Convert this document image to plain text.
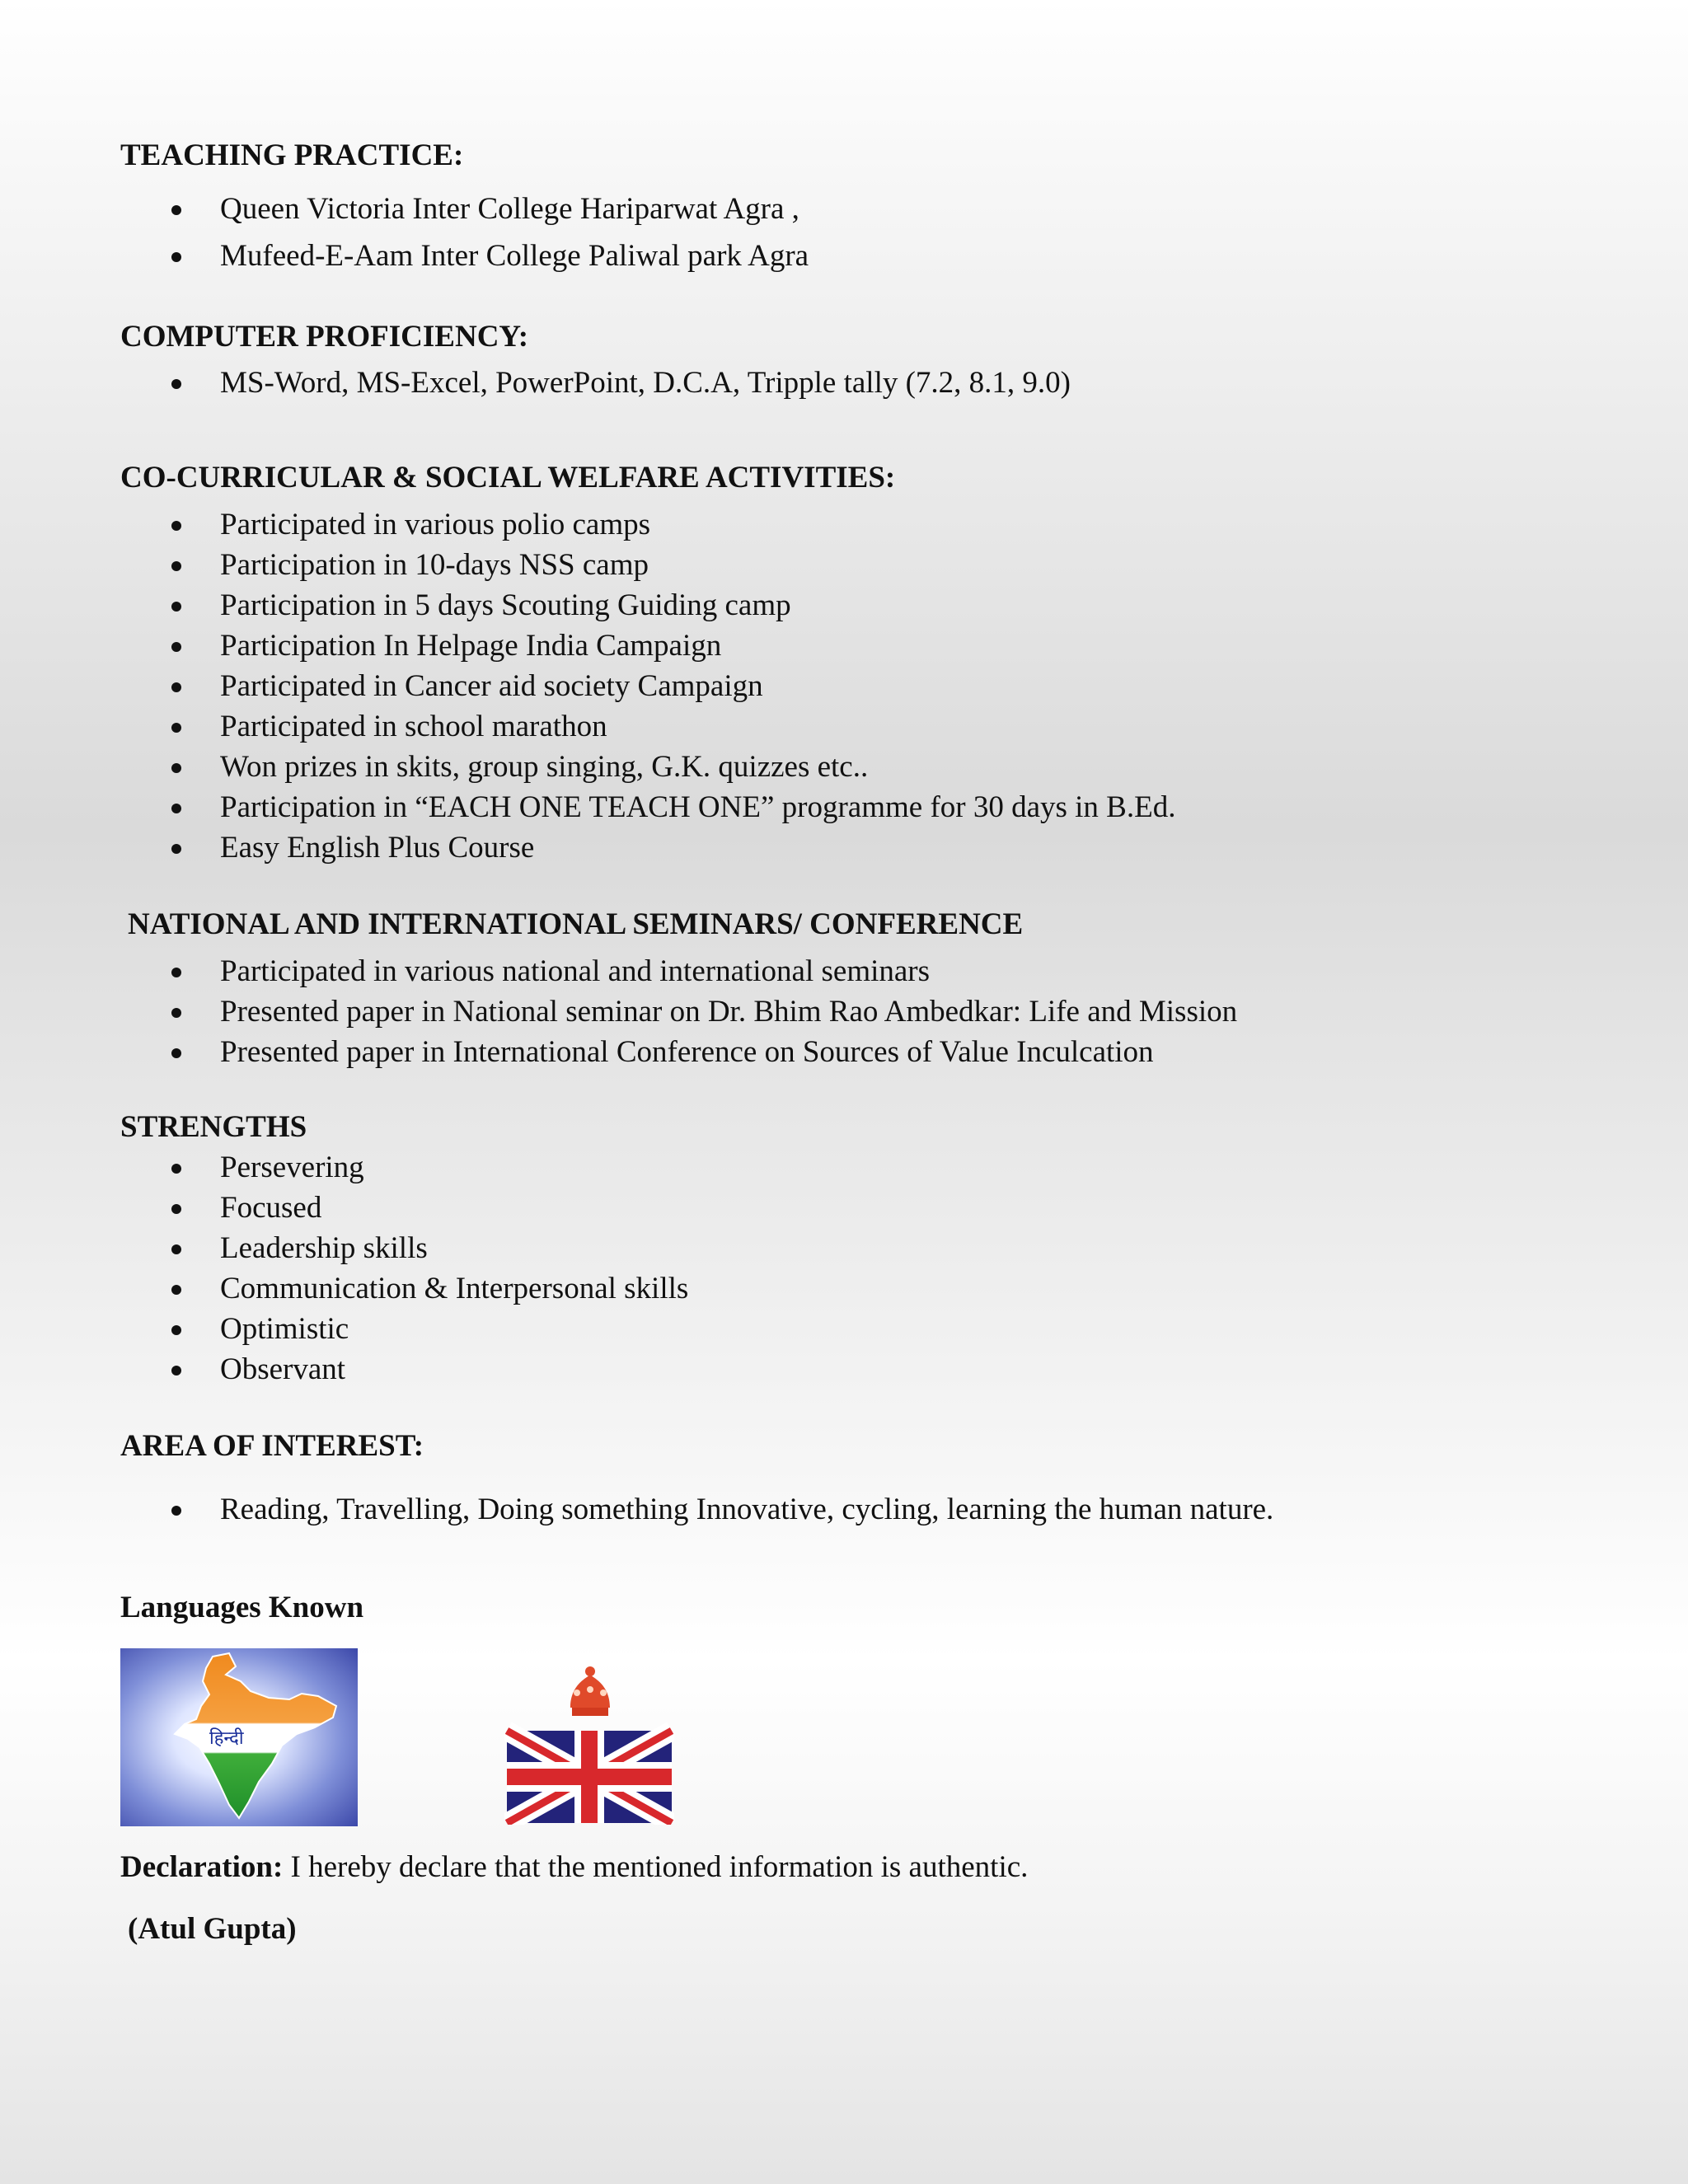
TEACHING PRACTICE:
Queen Victoria Inter College Hariparwat Agra ,
Mufeed-E-Aam Inter College Paliwal park Agra
COMPUTER PROFICIENCY:
MS-Word, MS-Excel, PowerPoint, D.C.A, Tripple tally (7.2, 8.1, 9.0)
CO-CURRICULAR & SOCIAL WELFARE ACTIVITIES:
Participated in various polio camps
Participation in 10-days NSS camp
Participation in 5 days Scouting Guiding camp
Participation In Helpage India Campaign
Participated in Cancer aid society Campaign
Participated in school marathon
Won prizes in skits, group singing, G.K. quizzes etc..
Participation in “EACH ONE TEACH ONE” programme for 30 days in B.Ed.
Easy English Plus Course
NATIONAL AND INTERNATIONAL SEMINARS/ CONFERENCE
Participated in various national and international seminars
Presented paper in National seminar on Dr. Bhim Rao Ambedkar: Life and Mission
Presented paper in International Conference on Sources of Value Inculcation
STRENGTHS
Persevering
Focused
Leadership skills
Communication & Interpersonal skills
Optimistic
Observant
AREA OF INTEREST:
Reading, Travelling, Doing something Innovative, cycling, learning the human nature.
Languages Known
हिन्दी

Declaration: I hereby declare that the mentioned information is authentic.

(Atul Gupta)
